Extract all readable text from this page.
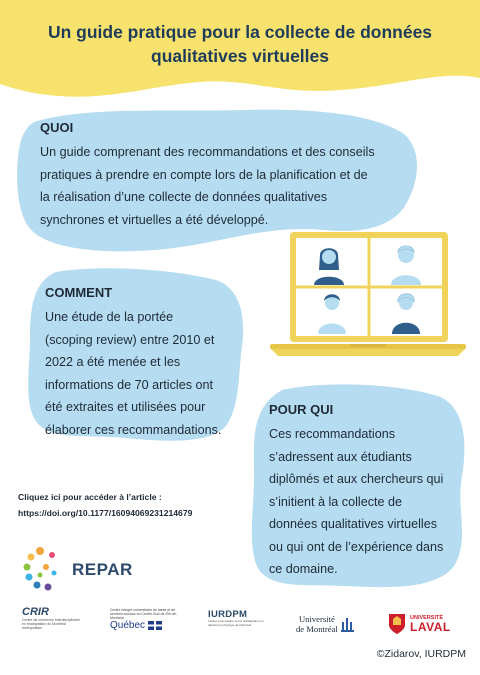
Un guide pratique pour la collecte de données qualitatives virtuelles
QUOI
Un guide comprenant des recommandations et des conseils
pratiques à prendre en compte lors de la planification et de
la réalisation d’une collecte de données qualitatives
synchrones et virtuelles a été développé.
COMMENT
Une étude de la portée
(scoping review) entre 2010 et
2022 a été menée et les
informations de 70 articles ont
été extraites et utilisées pour
élaborer ces recommandations.
POUR QUI
Ces recommandations
s’adressent aux étudiants
diplômés et aux chercheurs qui
s’initient à la collecte de
données qualitatives virtuelles
ou qui ont de l’expérience dans
ce domaine.
Cliquez ici pour accéder à l’article :
https://doi.org/10.1177/16094069231214679
REPAR
CRIR
Centre de recherche interdisciplinaire en réadaptation du Montréal métropolitain
Centre intégré universitaire de santé et de services sociaux du Centre-Sud-de-l’Île-de-Montréal
Québec
IURDPM
Institut universitaire sur la réadaptation en déficience physique de Montréal
Université
de Montréal
UNIVERSITÉ
LAVAL
©Zidarov, IURDPM
